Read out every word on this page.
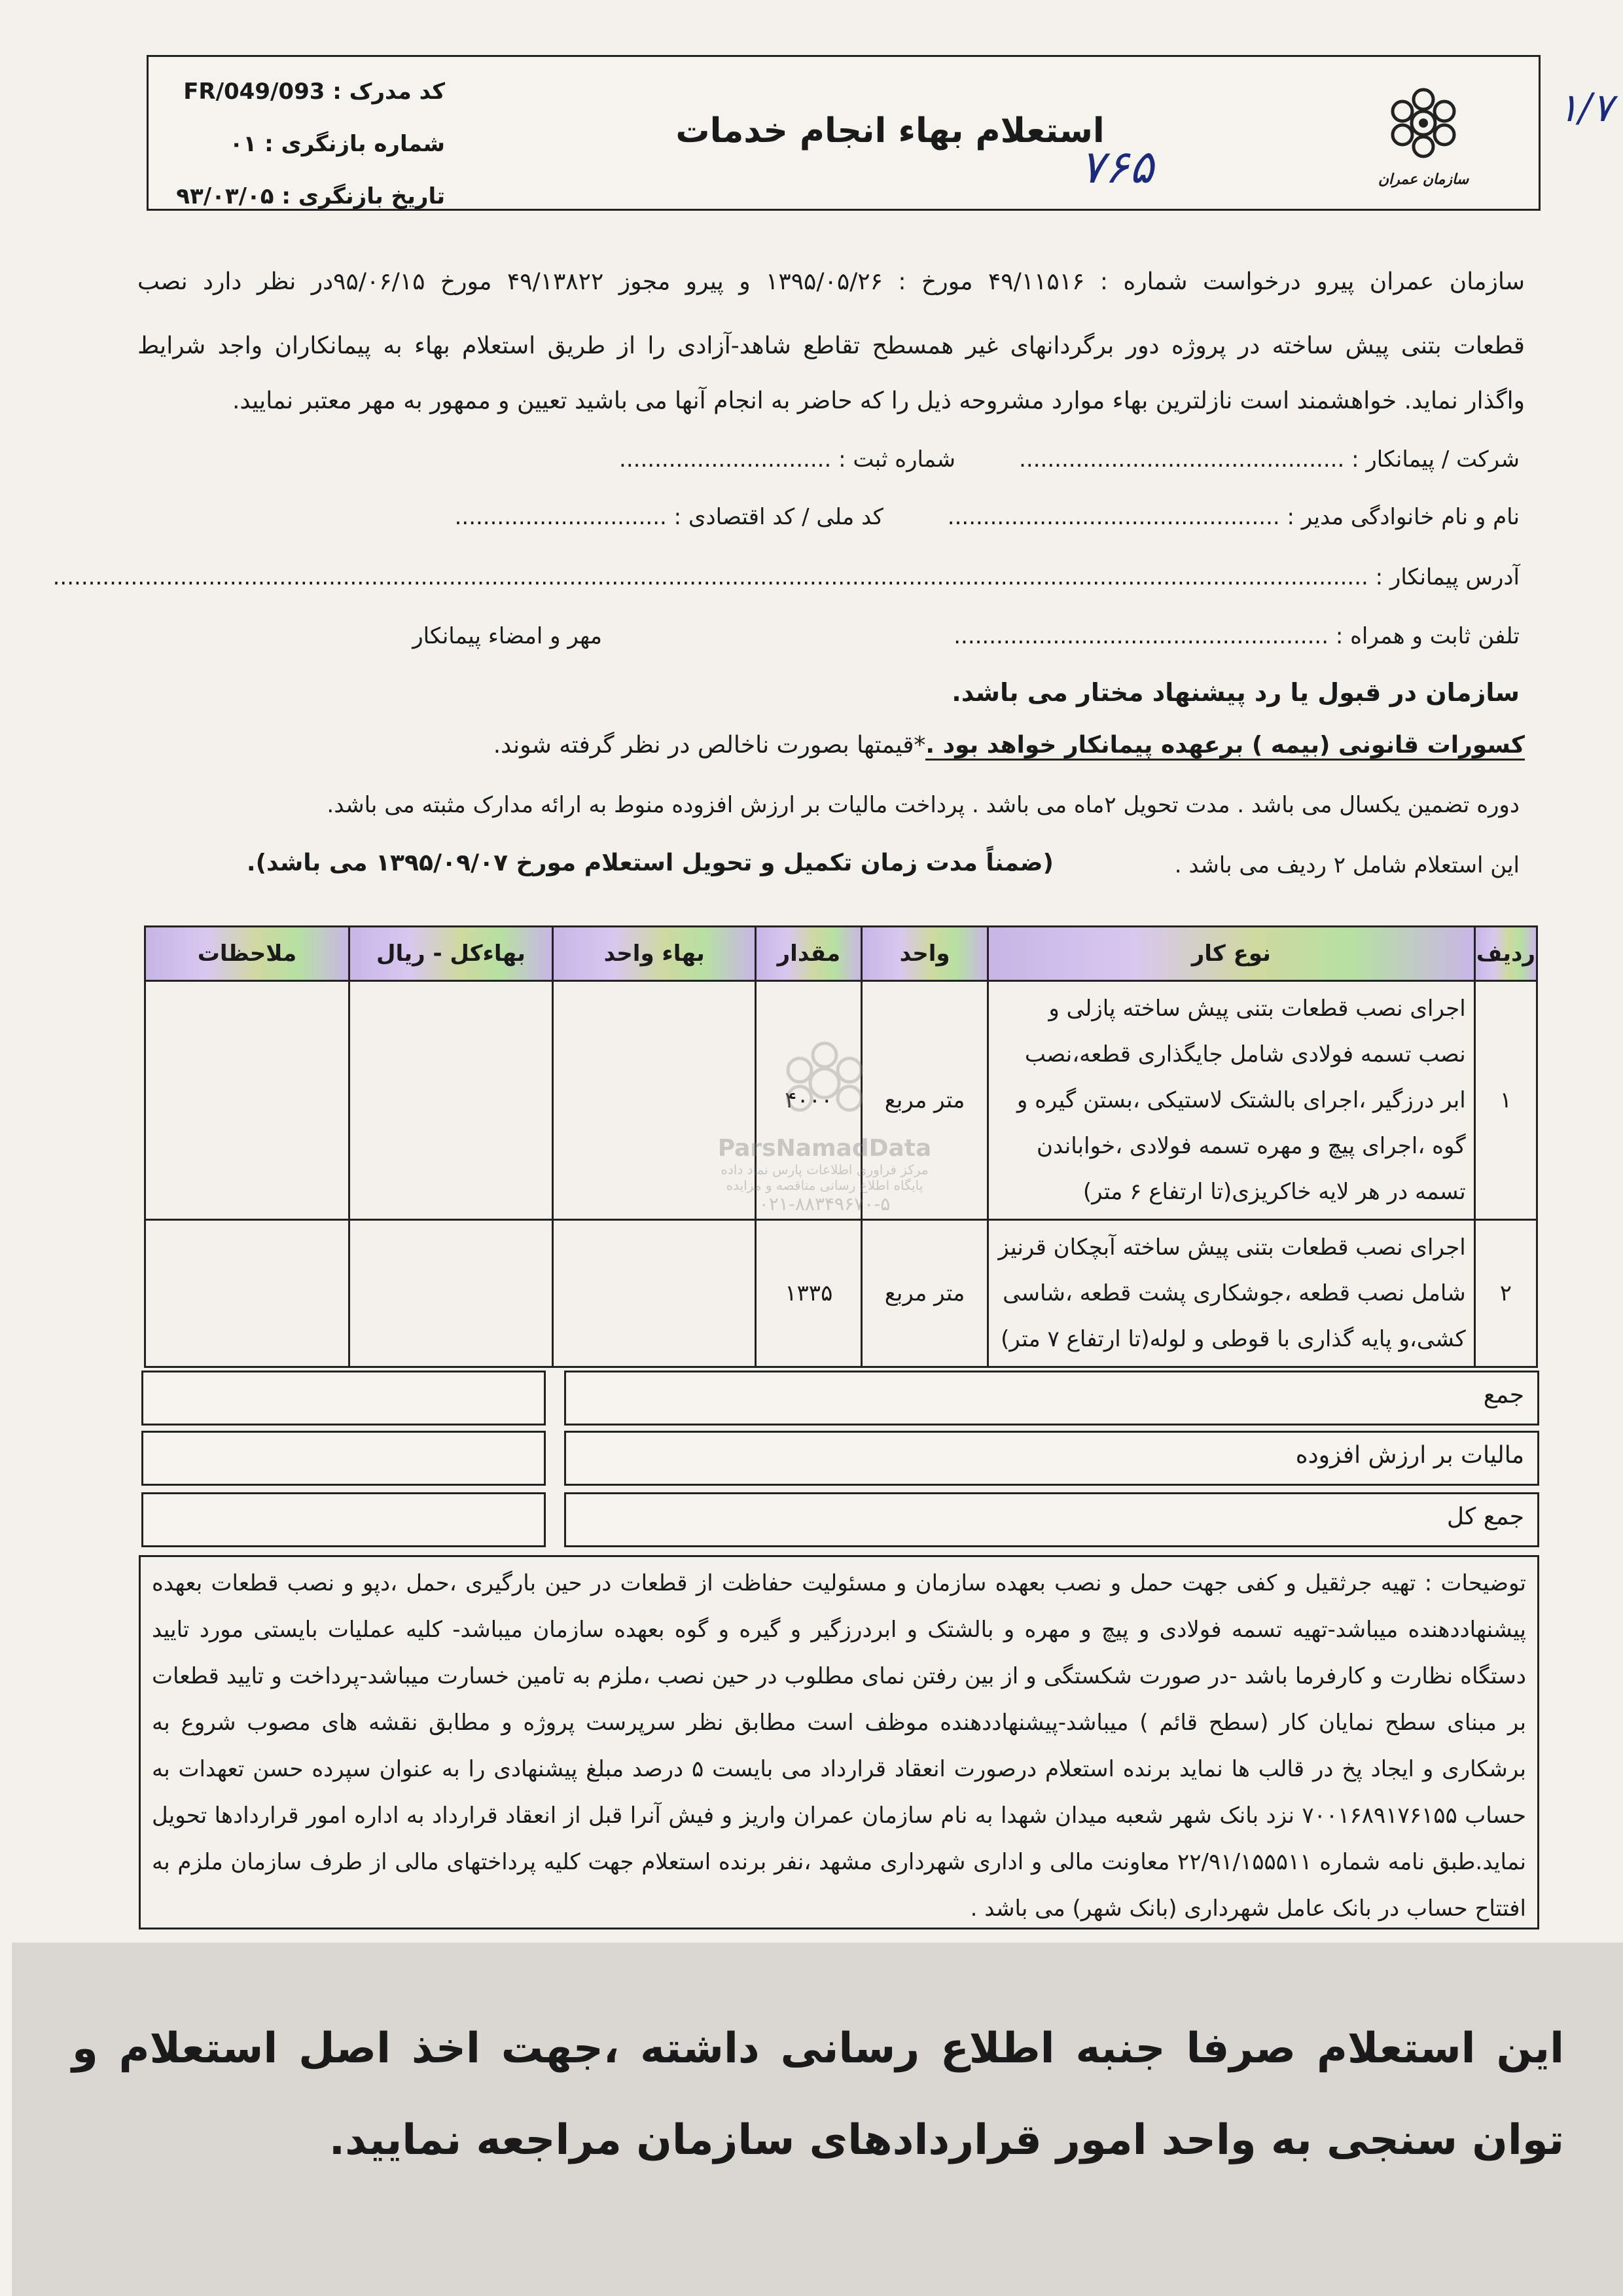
کد مدرک : FR/049/093
شماره بازنگری : ۰۱
تاریخ بازنگری : ۹۳/۰۳/۰۵
استعلام بهاء انجام خدمات
۷۶۵
۱/۷
سازمان عمران
سازمان عمران پیرو درخواست شماره : ۴۹/۱۱۵۱۶ مورخ : ۱۳۹۵/۰۵/۲۶ و پیرو مجوز ۴۹/۱۳۸۲۲ مورخ ۹۵/۰۶/۱۵در نظر دارد نصب
قطعات بتنی پیش ساخته در پروژه دور برگردانهای غیر همسطح تقاطع شاهد-آزادی را از طریق استعلام بهاء به پیمانکاران واجد شرایط
واگذار نماید. خواهشمند است نازلترین بهاء موارد مشروحه ذیل را که حاضر به انجام آنها می باشید تعیین و ممهور به مهر معتبر نمایید.
شرکت / پیمانکار : ..............................................
شماره ثبت : ..............................
نام و نام خانوادگی مدیر : ...............................................
کد ملی / کد اقتصادی : ..............................
آدرس پیمانکار : ..........................................................................................................................................................................................
تلفن ثابت و همراه : .....................................................
مهر و امضاء پیمانکار
سازمان در قبول یا رد پیشنهاد مختار می باشد.
کسورات قانونی (بیمه ) برعهده پیمانکار خواهد بود .*قیمتها بصورت ناخالص در نظر گرفته شوند.
دوره تضمین یکسال می باشد . مدت تحویل ۲ماه می باشد . پرداخت مالیات بر ارزش افزوده منوط به ارائه مدارک مثبته می باشد.
این استعلام شامل ۲ ردیف می باشد .
(ضمناً مدت زمان تکمیل و تحویل استعلام مورخ ۱۳۹۵/۰۹/۰۷ می باشد).
ردیف	نوع کار	واحد	مقدار	بهاء واحد	بهاءکل - ریال	ملاحظات
۱	اجرای نصب قطعات بتنی پیش ساخته پازلی و نصب تسمه فولادی شامل جایگذاری قطعه،نصب ابر درزگیر ،اجرای بالشتک لاستیکی ،بستن گیره و گوه ،اجرای پیچ و مهره تسمه فولادی ،خواباندن تسمه در هر لایه خاکریزی(تا ارتفاع ۶ متر)	متر مربع	۴۰۰۰			
۲	اجرای نصب قطعات بتنی پیش ساخته آبچکان قرنیز شامل نصب قطعه ،جوشکاری پشت قطعه ،شاسی کشی،و پایه گذاری با قوطی و لوله(تا ارتفاع ۷ متر)	متر مربع	۱۳۳۵			
ParsNamadData
مرکز فراوری اطلاعات پارس نماد داده
پایگاه اطلاع رسانی مناقصه و مزایده
۰۲۱-۸۸۳۴۹۶۷۰-۵
جمع
مالیات بر ارزش افزوده
جمع کل
توضیحات : تهیه جرثقیل و کفی جهت حمل و نصب بعهده سازمان و مسئولیت حفاظت از قطعات در حین بارگیری ،حمل ،دپو و نصب قطعات بعهده پیشنهاددهنده میباشد-تهیه تسمه فولادی و پیچ و مهره و بالشتک و ابردرزگیر و گیره و گوه بعهده سازمان میباشد- کلیه عملیات بایستی مورد تایید دستگاه نظارت و کارفرما باشد -در صورت شکستگی و از بین رفتن نمای مطلوب در حین نصب ،ملزم به تامین خسارت میباشد-پرداخت و تایید قطعات بر مبنای سطح نمایان کار (سطح قائم ) میباشد-پیشنهاددهنده موظف است مطابق نظر سرپرست پروژه و مطابق نقشه های مصوب شروع به برشکاری و ایجاد پخ در قالب ها نماید برنده استعلام درصورت انعقاد قرارداد می بایست ۵ درصد مبلغ پیشنهادی را به عنوان سپرده حسن تعهدات به حساب ۷۰۰۱۶۸۹۱۷۶۱۵۵ نزد بانک شهر شعبه میدان شهدا به نام سازمان عمران واریز و فیش آنرا قبل از انعقاد قرارداد به اداره امور قراردادها تحویل نماید.طبق نامه شماره ۲۲/۹۱/۱۵۵۵۱۱ معاونت مالی و اداری شهرداری مشهد ،نفر برنده استعلام جهت کلیه پرداختهای مالی از طرف سازمان ملزم به افتتاح حساب در بانک عامل شهرداری (بانک شهر) می باشد .
این استعلام صرفا جنبه اطلاع رسانی داشته ،جهت اخذ اصل استعلام و توان سنجی به واحد امور قراردادهای سازمان مراجعه نمایید.
